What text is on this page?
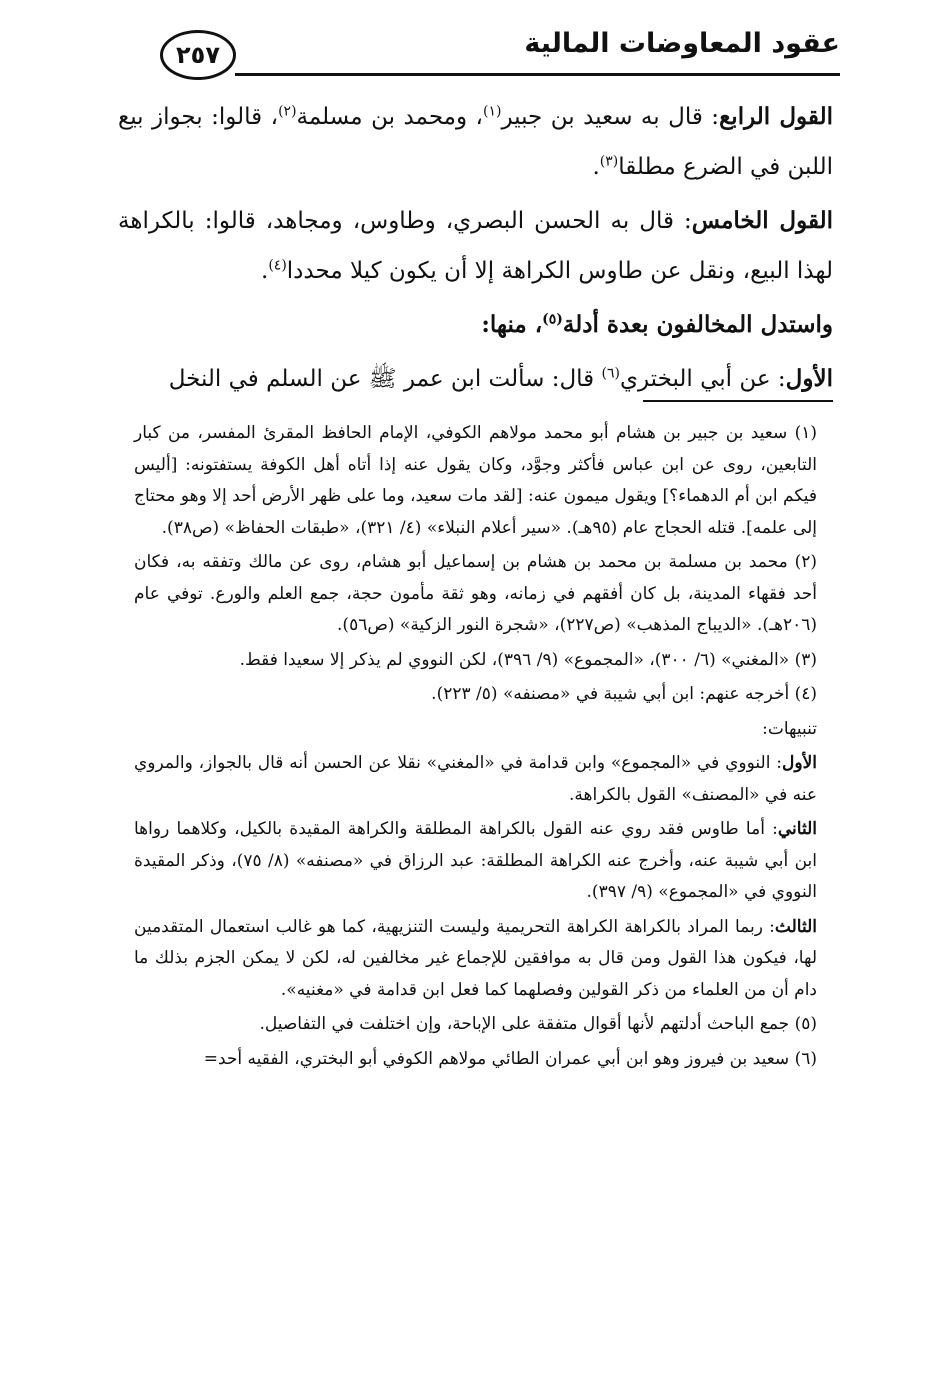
عقود المعاوضات المالية
٢٥٧

القول الرابع: قال به سعيد بن جبير$^{(١)}$، ومحمد بن مسلمة$^{(٢)}$، قالوا: بجواز بيع اللبن في الضرع مطلقا$^{(٣)}$.

القول الخامس: قال به الحسن البصري، وطاوس، ومجاهد، قالوا: بالكراهة لهذا البيع، ونقل عن طاوس الكراهة إلا أن يكون كيلا محددا$^{(٤)}$.

واستدل المخالفون بعدة أدلة$^{(٥)}$، منها:

الأول: عن أبي البختري$^{(٦)}$ قال: سألت ابن عمر ﷺ عن السلم في النخل

(١) سعيد بن جبير بن هشام أبو محمد مولاهم الكوفي، الإمام الحافظ المقرئ المفسر، من كبار التابعين، روى عن ابن عباس فأكثر وجوَّد، وكان يقول عنه إذا أتاه أهل الكوفة يستفتونه: [أليس فيكم ابن أم الدهماء؟] ويقول ميمون عنه: [لقد مات سعيد، وما على ظهر الأرض أحد إلا وهو محتاج إلى علمه]. قتله الحجاج عام (٩٥هـ). «سير أعلام النبلاء» (٤/ ٣٢١)، «طبقات الحفاظ» (ص٣٨).

(٢) محمد بن مسلمة بن محمد بن هشام بن إسماعيل أبو هشام، روى عن مالك وتفقه به، فكان أحد فقهاء المدينة، بل كان أفقهم في زمانه، وهو ثقة مأمون حجة، جمع العلم والورع. توفي عام (٢٠٦هـ). «الديباج المذهب» (ص٢٢٧)، «شجرة النور الزكية» (ص٥٦).

(٣) «المغني» (٦/ ٣٠٠)، «المجموع» (٩/ ٣٩٦)، لكن النووي لم يذكر إلا سعيدا فقط.

(٤) أخرجه عنهم: ابن أبي شيبة في «مصنفه» (٥/ ٢٢٣).

تنبيهات:

الأول: النووي في «المجموع» وابن قدامة في «المغني» نقلا عن الحسن أنه قال بالجواز، والمروي عنه في «المصنف» القول بالكراهة.

الثاني: أما طاوس فقد روي عنه القول بالكراهة المطلقة والكراهة المقيدة بالكيل، وكلاهما رواها ابن أبي شيبة عنه، وأخرج عنه الكراهة المطلقة: عبد الرزاق في «مصنفه» (٨/ ٧٥)، وذكر المقيدة النووي في «المجموع» (٩/ ٣٩٧).

الثالث: ربما المراد بالكراهة الكراهة التحريمية وليست التنزيهية، كما هو غالب استعمال المتقدمين لها، فيكون هذا القول ومن قال به موافقين للإجماع غير مخالفين له، لكن لا يمكن الجزم بذلك ما دام أن من العلماء من ذكر القولين وفصلهما كما فعل ابن قدامة في «مغنيه».

(٥) جمع الباحث أدلتهم لأنها أقوال متفقة على الإباحة، وإن اختلفت في التفاصيل.

(٦) سعيد بن فيروز وهو ابن أبي عمران الطائي مولاهم الكوفي أبو البختري، الفقيه أحد=
